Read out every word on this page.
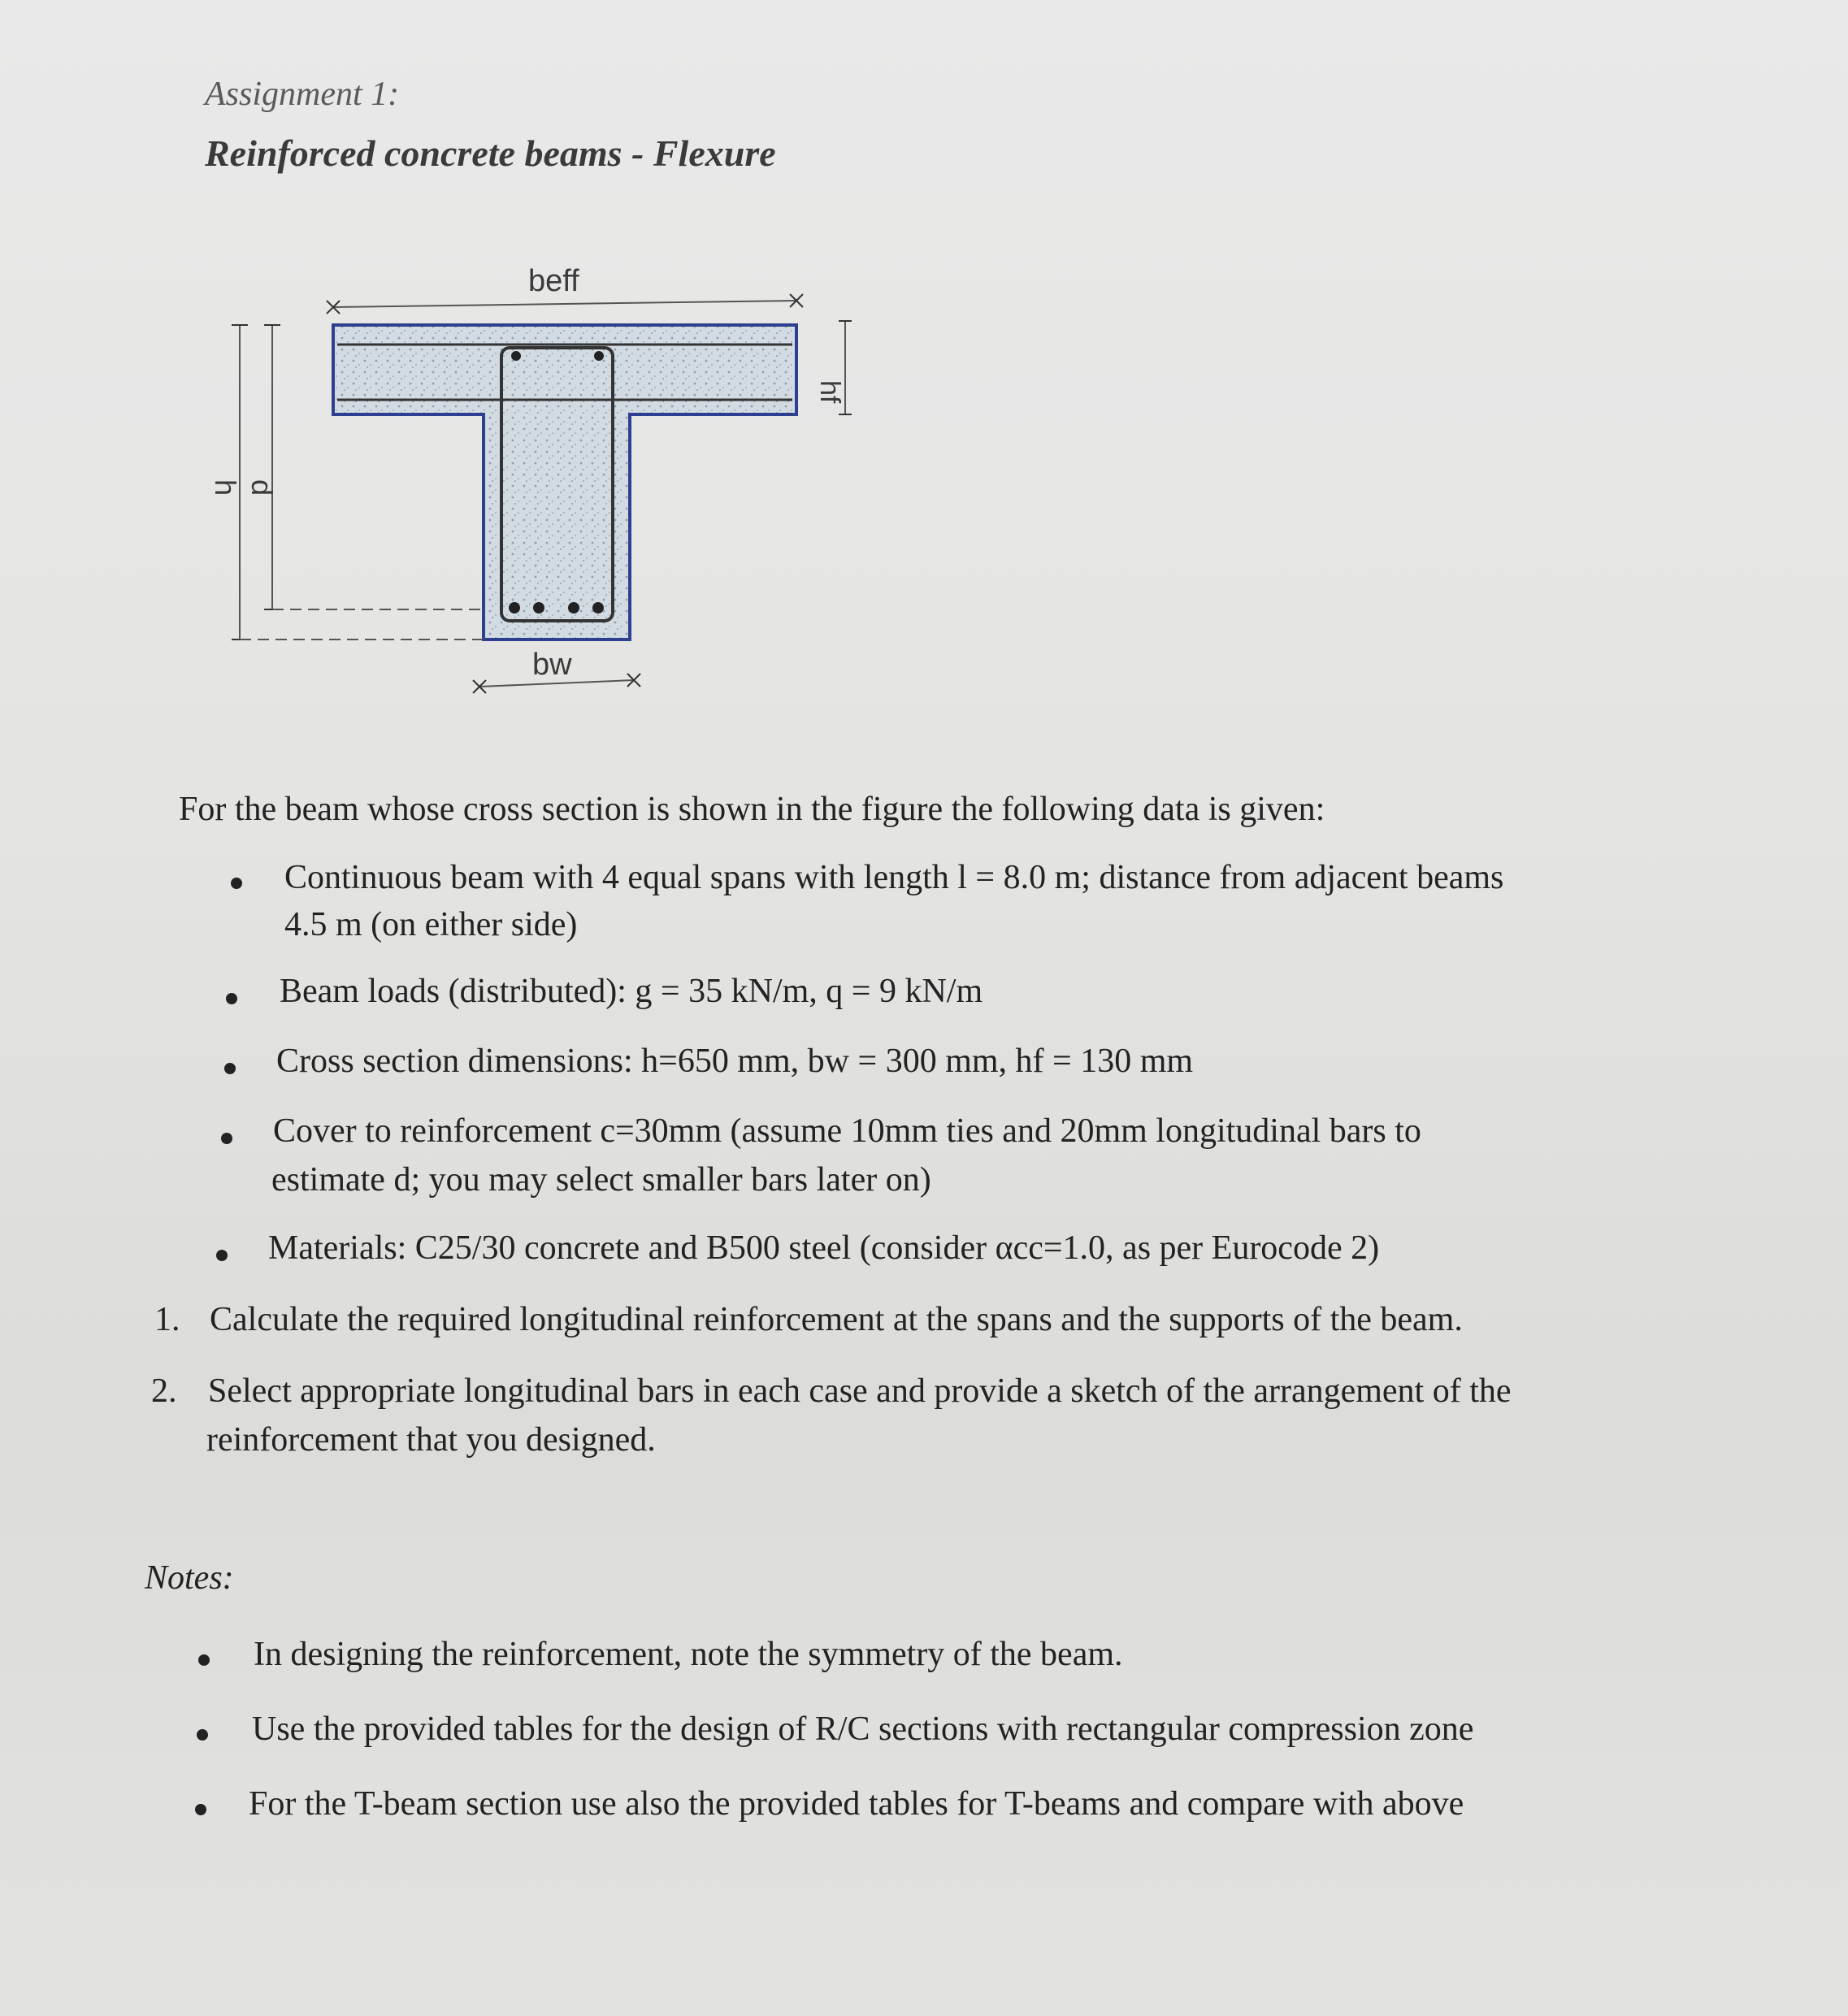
Assignment 1:
Reinforced concrete beams - Flexure
beff
hf
h d
bw
For the beam whose cross section is shown in the figure the following data is given:
Continuous beam with 4 equal spans with length l = 8.0 m; distance from adjacent beams
4.5 m (on either side)
Beam loads (distributed): g = 35 kN/m, q = 9 kN/m
Cross section dimensions: h=650 mm, bw = 300 mm, hf = 130 mm
Cover to reinforcement c=30mm (assume 10mm ties and 20mm longitudinal bars to
estimate d; you may select smaller bars later on)
Materials: C25/30 concrete and B500 steel (consider αcc=1.0, as per Eurocode 2)
1. Calculate the required longitudinal reinforcement at the spans and the supports of the beam.
2. Select appropriate longitudinal bars in each case and provide a sketch of the arrangement of the
reinforcement that you designed.
Notes:
In designing the reinforcement, note the symmetry of the beam.
Use the provided tables for the design of R/C sections with rectangular compression zone
For the T-beam section use also the provided tables for T-beams and compare with above
